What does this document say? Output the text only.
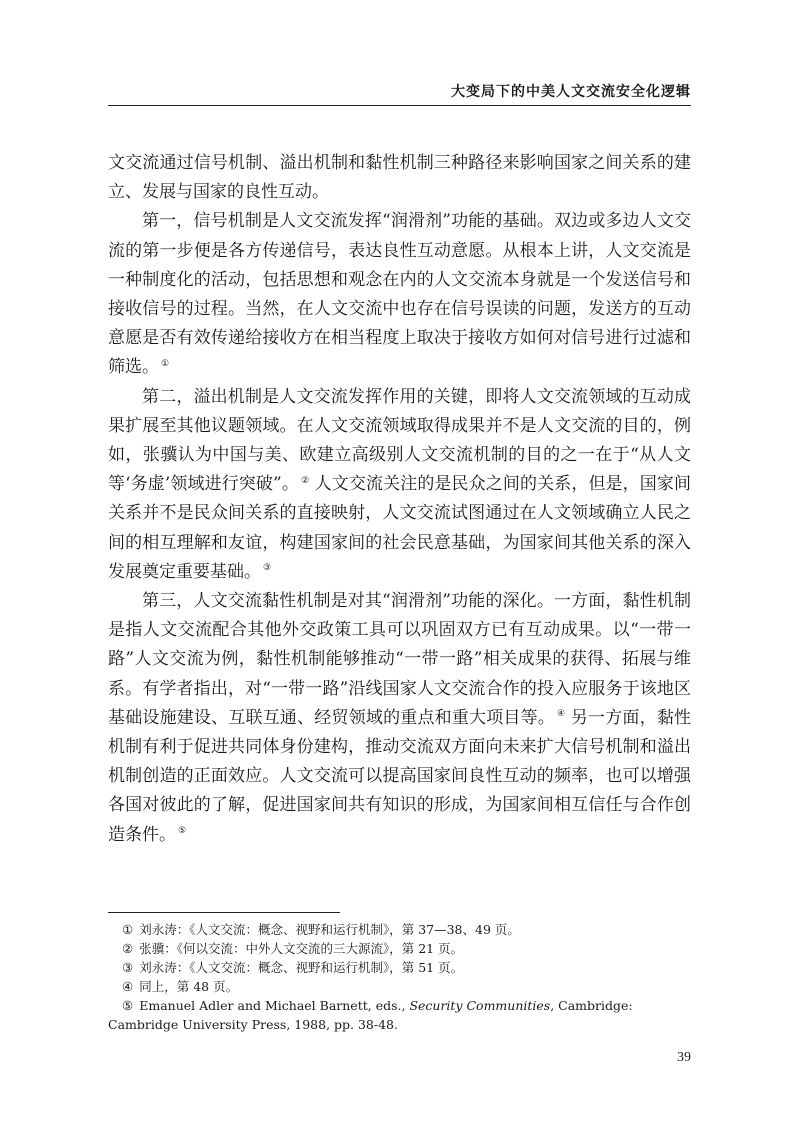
大变局下的中美人文交流安全化逻辑

文交流通过信号机制、溢出机制和黏性机制三种路径来影响国家之间关系的建立、发展与国家的良性互动。

第一，信号机制是人文交流发挥“润滑剂”功能的基础。双边或多边人文交流的第一步便是各方传递信号，表达良性互动意愿。从根本上讲，人文交流是一种制度化的活动，包括思想和观念在内的人文交流本身就是一个发送信号和接收信号的过程。当然，在人文交流中也存在信号误读的问题，发送方的互动意愿是否有效传递给接收方在相当程度上取决于接收方如何对信号进行过滤和筛选。 ①

第二，溢出机制是人文交流发挥作用的关键，即将人文交流领域的互动成果扩展至其他议题领域。在人文交流领域取得成果并不是人文交流的目的，例如，张骥认为中国与美、欧建立高级别人文交流机制的目的之一在于“从人文等‘务虚’领域进行突破”。 ② 人文交流关注的是民众之间的关系，但是，国家间关系并不是民众间关系的直接映射，人文交流试图通过在人文领域确立人民之间的相互理解和友谊，构建国家间的社会民意基础，为国家间其他关系的深入发展奠定重要基础。 ③

第三，人文交流黏性机制是对其“润滑剂”功能的深化。一方面，黏性机制是指人文交流配合其他外交政策工具可以巩固双方已有互动成果。以“一带一路”人文交流为例，黏性机制能够推动“一带一路”相关成果的获得、拓展与维系。有学者指出，对“一带一路”沿线国家人文交流合作的投入应服务于该地区基础设施建设、互联互通、经贸领域的重点和重大项目等。 ④ 另一方面，黏性机制有利于促进共同体身份建构，推动交流双方面向未来扩大信号机制和溢出机制创造的正面效应。人文交流可以提高国家间良性互动的频率，也可以增强各国对彼此的了解，促进国家间共有知识的形成，为国家间相互信任与合作创造条件。 ⑤

① 刘永涛：《人文交流：概念、视野和运行机制》，第 37—38、49 页。
② 张骥：《何以交流：中外人文交流的三大源流》，第 21 页。
③ 刘永涛：《人文交流：概念、视野和运行机制》，第 51 页。
④ 同上，第 48 页。
⑤ Emanuel Adler and Michael Barnett, eds., Security Communities, Cambridge: Cambridge University Press, 1988, pp. 38-48.
39
